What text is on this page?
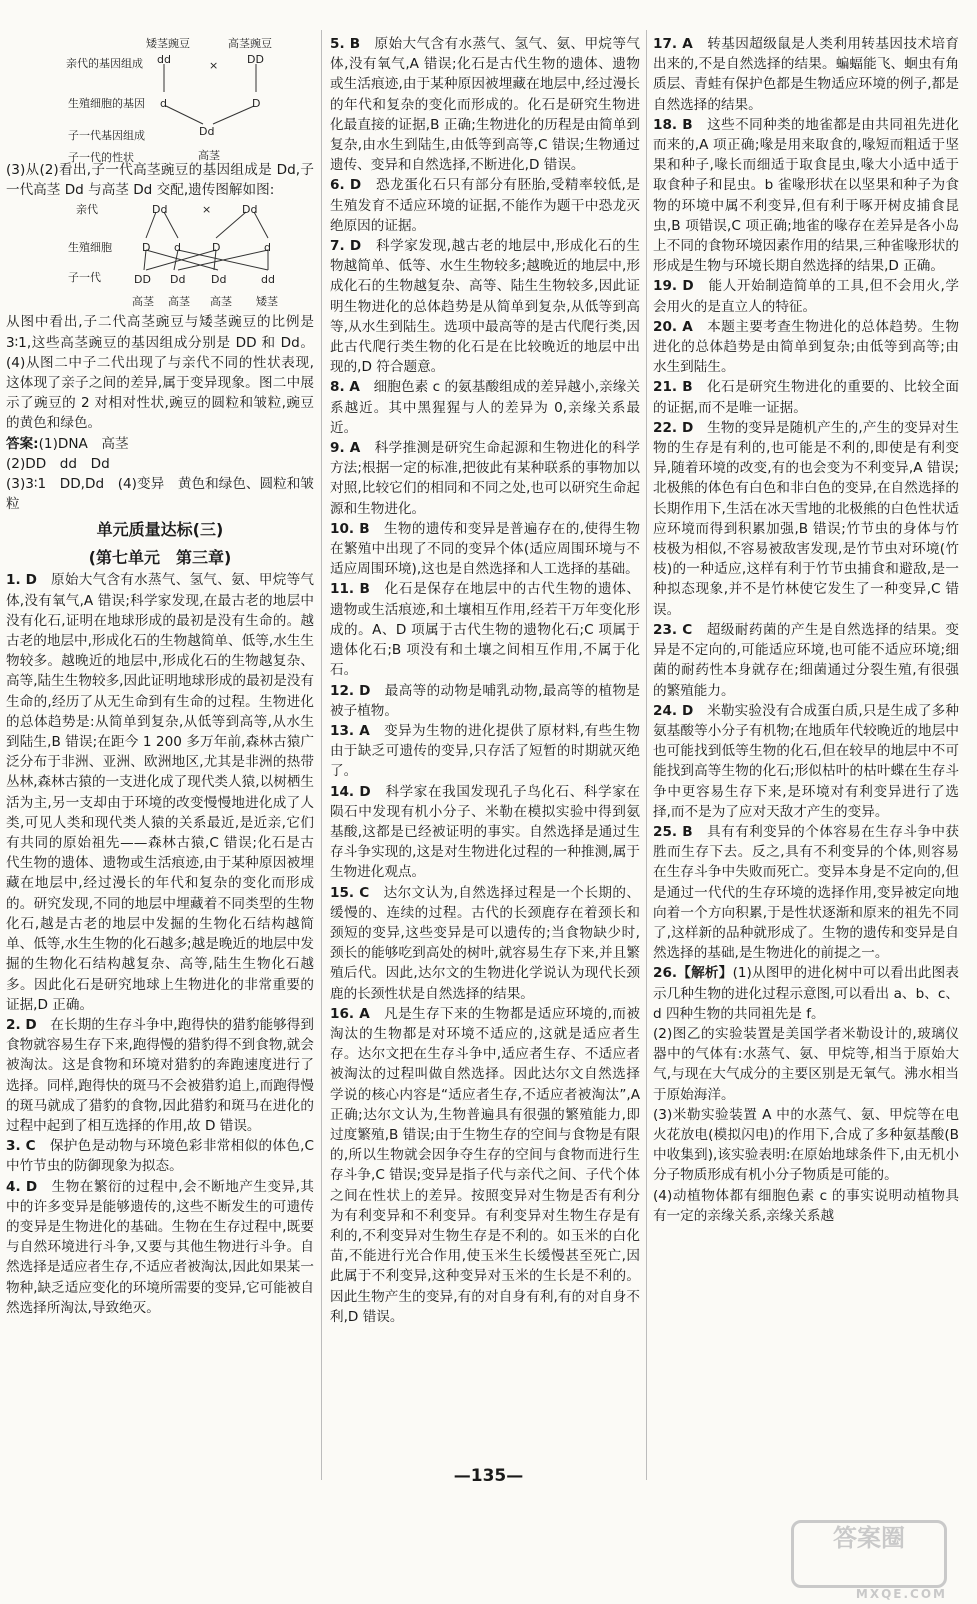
矮茎豌豆	高茎豌豆
亲代的基因组成 dd	×	DD
生殖细胞的基因 d	D
子一代基因组成	Dd
子一代的性状	高茎

(3)从(2)看出,子一代高茎豌豆的基因组成是 Dd,子一代高茎 Dd 与高茎 Dd 交配,遗传图解如图:

亲代	Dd	×	Dd
生殖细胞	D d	D	d
子一代	DD Dd Dd	dd
高茎 高茎 高茎 矮茎

从图中看出,子二代高茎豌豆与矮茎豌豆的比例是 3∶1,这些高茎豌豆的基因组成分别是 DD 和 Dd。(4)从图二中子二代出现了与亲代不同的性状表现,这体现了亲子之间的差异,属于变异现象。图二中展示了豌豆的 2 对相对性状,豌豆的圆粒和皱粒,豌豆的黄色和绿色。

答案:(1)DNA　高茎

(2)DD　dd　Dd

(3)3∶1　DD,Dd　(4)变异　黄色和绿色、圆粒和皱粒

单元质量达标(三)
(第七单元　第三章)

1. D　 原始大气含有水蒸气、氢气、氨、甲烷等气体,没有氧气,A 错误;科学家发现,在最古老的地层中没有化石,证明在地球形成的最初是没有生命的。越古老的地层中,形成化石的生物越简单、低等,水生生物较多。越晚近的地层中,形成化石的生物越复杂、高等,陆生生物较多,因此证明地球形成的最初是没有生命的,经历了从无生命到有生命的过程。生物进化的总体趋势是:从简单到复杂,从低等到高等,从水生到陆生,B 错误;在距今 1 200 多万年前,森林古猿广泛分布于非洲、亚洲、欧洲地区,尤其是非洲的热带丛林,森林古猿的一支进化成了现代类人猿,以树栖生活为主,另一支却由于环境的改变慢慢地进化成了人类,可见人类和现代类人猿的关系最近,是近亲,它们有共同的原始祖先——森林古猿,C 错误;化石是古代生物的遗体、遗物或生活痕迹,由于某种原因被埋藏在地层中,经过漫长的年代和复杂的变化而形成的。研究发现,不同的地层中埋藏着不同类型的生物化石,越是古老的地层中发掘的生物化石结构越简单、低等,水生生物的化石越多;越是晚近的地层中发掘的生物化石结构越复杂、高等,陆生生物化石越多。因此化石是研究地球上生物进化的非常重要的证据,D 正确。

2. D　 在长期的生存斗争中,跑得快的猎豹能够得到食物就容易生存下来,跑得慢的猎豹得不到食物,就会被淘汰。这是食物和环境对猎豹的奔跑速度进行了选择。同样,跑得快的斑马不会被猎豹追上,而跑得慢的斑马就成了猎豹的食物,因此猎豹和斑马在进化的过程中起到了相互选择的作用,故 D 错误。

3. C　 保护色是动物与环境色彩非常相似的体色,C 中竹节虫的防御现象为拟态。

4. D　 生物在繁衍的过程中,会不断地产生变异,其中的许多变异是能够遗传的,这些不断发生的可遗传的变异是生物进化的基础。生物在生存过程中,既要与自然环境进行斗争,又要与其他生物进行斗争。自然选择是适应者生存,不适应者被淘汰,因此如果某一物种,缺乏适应变化的环境所需要的变异,它可能被自然选择所淘汰,导致绝灭。

5. B　 原始大气含有水蒸气、氢气、氨、甲烷等气体,没有氧气,A 错误;化石是古代生物的遗体、遗物或生活痕迹,由于某种原因被埋藏在地层中,经过漫长的年代和复杂的变化而形成的。化石是研究生物进化最直接的证据,B 正确;生物进化的历程是由简单到复杂,由水生到陆生,由低等到高等,C 错误;生物通过遗传、变异和自然选择,不断进化,D 错误。

6. D　 恐龙蛋化石只有部分有胚胎,受精率较低,是生殖发育不适应环境的证据,不能作为题干中恐龙灭绝原因的证据。

7. D　 科学家发现,越古老的地层中,形成化石的生物越简单、低等、水生生物较多;越晚近的地层中,形成化石的生物越复杂、高等、陆生生物较多,因此证明生物进化的总体趋势是从简单到复杂,从低等到高等,从水生到陆生。选项中最高等的是古代爬行类,因此古代爬行类生物的化石是在比较晚近的地层中出现的,D 符合题意。

8. A　 细胞色素 c 的氨基酸组成的差异越小,亲缘关系越近。其中黑猩猩与人的差异为 0,亲缘关系最近。

9. A　 科学推测是研究生命起源和生物进化的科学方法;根据一定的标准,把彼此有某种联系的事物加以对照,比较它们的相同和不同之处,也可以研究生命起源和生物进化。

10. B　 生物的遗传和变异是普遍存在的,使得生物在繁殖中出现了不同的变异个体(适应周围环境与不适应周围环境),这也是自然选择和人工选择的基础。

11. B　 化石是保存在地层中的古代生物的遗体、遗物或生活痕迹,和土壤相互作用,经若干万年变化形成的。A、D 项属于古代生物的遗物化石;C 项属于遗体化石;B 项没有和土壤之间相互作用,不属于化石。

12. D　 最高等的动物是哺乳动物,最高等的植物是被子植物。

13. A　 变异为生物的进化提供了原材料,有些生物由于缺乏可遗传的变异,只存活了短暂的时期就灭绝了。

14. D　 科学家在我国发现孔子鸟化石、科学家在陨石中发现有机小分子、米勒在模拟实验中得到氨基酸,这都是已经被证明的事实。自然选择是通过生存斗争实现的,这是对生物进化过程的一种推测,属于生物进化观点。

15. C　 达尔文认为,自然选择过程是一个长期的、缓慢的、连续的过程。古代的长颈鹿存在着颈长和颈短的变异,这些变异是可以遗传的;当食物缺少时,颈长的能够吃到高处的树叶,就容易生存下来,并且繁殖后代。因此,达尔文的生物进化学说认为现代长颈鹿的长颈性状是自然选择的结果。

16. A　 凡是生存下来的生物都是适应环境的,而被淘汰的生物都是对环境不适应的,这就是适应者生存。达尔文把在生存斗争中,适应者生存、不适应者被淘汰的过程叫做自然选择。因此达尔文自然选择学说的核心内容是“适应者生存,不适应者被淘汰”,A 正确;达尔文认为,生物普遍具有很强的繁殖能力,即过度繁殖,B 错误;由于生物生存的空间与食物是有限的,所以生物就会因争夺生存的空间与食物而进行生存斗争,C 错误;变异是指子代与亲代之间、子代个体之间在性状上的差异。按照变异对生物是否有利分为有利变异和不利变异。有利变异对生物生存是有利的,不利变异对生物生存是不利的。如玉米的白化苗,不能进行光合作用,使玉米生长缓慢甚至死亡,因此属于不利变异,这种变异对玉米的生长是不利的。因此生物产生的变异,有的对自身有利,有的对自身不利,D 错误。

17. A　 转基因超级鼠是人类利用转基因技术培育出来的,不是自然选择的结果。蝙蝠能飞、蛔虫有角质层、青蛙有保护色都是生物适应环境的例子,都是自然选择的结果。

18. B　 这些不同种类的地雀都是由共同祖先进化而来的,A 项正确;喙是用来取食的,喙短而粗适于坚果和种子,喙长而细适于取食昆虫,喙大小适中适于取食种子和昆虫。b 雀喙形状在以坚果和种子为食物的环境中属不利变异,但有利于啄开树皮捕食昆虫,B 项错误,C 项正确;地雀的喙存在差异是各小岛上不同的食物环境因素作用的结果,三种雀喙形状的形成是生物与环境长期自然选择的结果,D 正确。

19. D　 能人开始制造简单的工具,但不会用火,学会用火的是直立人的特征。

20. A　 本题主要考查生物进化的总体趋势。生物进化的总体趋势是由简单到复杂;由低等到高等;由水生到陆生。

21. B　 化石是研究生物进化的重要的、比较全面的证据,而不是唯一证据。

22. D　 生物的变异是随机产生的,产生的变异对生物的生存是有利的,也可能是不利的,即使是有利变异,随着环境的改变,有的也会变为不利变异,A 错误;北极熊的体色有白色和非白色的变异,在自然选择的长期作用下,生活在冰天雪地的北极熊的白色性状适应环境而得到积累加强,B 错误;竹节虫的身体与竹枝极为相似,不容易被敌害发现,是竹节虫对环境(竹枝)的一种适应,这样有利于竹节虫捕食和避敌,是一种拟态现象,并不是竹林使它发生了一种变异,C 错误。

23. C　 超级耐药菌的产生是自然选择的结果。变异是不定向的,可能适应环境,也可能不适应环境;细菌的耐药性本身就存在;细菌通过分裂生殖,有很强的繁殖能力。

24. D　 米勒实验没有合成蛋白质,只是生成了多种氨基酸等小分子有机物;在地质年代较晚近的地层中也可能找到低等生物的化石,但在较早的地层中不可能找到高等生物的化石;形似枯叶的枯叶蝶在生存斗争中更容易生存下来,是环境对有利变异进行了选择,而不是为了应对天敌才产生的变异。

25. B　 具有有利变异的个体容易在生存斗争中获胜而生存下去。反之,具有不利变异的个体,则容易在生存斗争中失败而死亡。变异本身是不定向的,但是通过一代代的生存环境的选择作用,变异被定向地向着一个方向积累,于是性状逐渐和原来的祖先不同了,这样新的品种就形成了。生物的遗传和变异是自然选择的基础,是生物进化的前提之一。

26.【解析】(1)从图甲的进化树中可以看出此图表示几种生物的进化过程示意图,可以看出 a、b、c、d 四种生物的共同祖先是 f。

(2)图乙的实验装置是美国学者米勒设计的,玻璃仪器中的气体有:水蒸气、氨、甲烷等,相当于原始大气,与现在大气成分的主要区别是无氧气。沸水相当于原始海洋。

(3)米勒实验装置 A 中的水蒸气、氨、甲烷等在电火花放电(模拟闪电)的作用下,合成了多种氨基酸(B 中收集到),该实验表明:在原始地球条件下,由无机小分子物质形成有机小分子物质是可能的。

(4)动植物体都有细胞色素 c 的事实说明动植物具有一定的亲缘关系,亲缘关系越

—135—
答案圈
MXQE.COM
